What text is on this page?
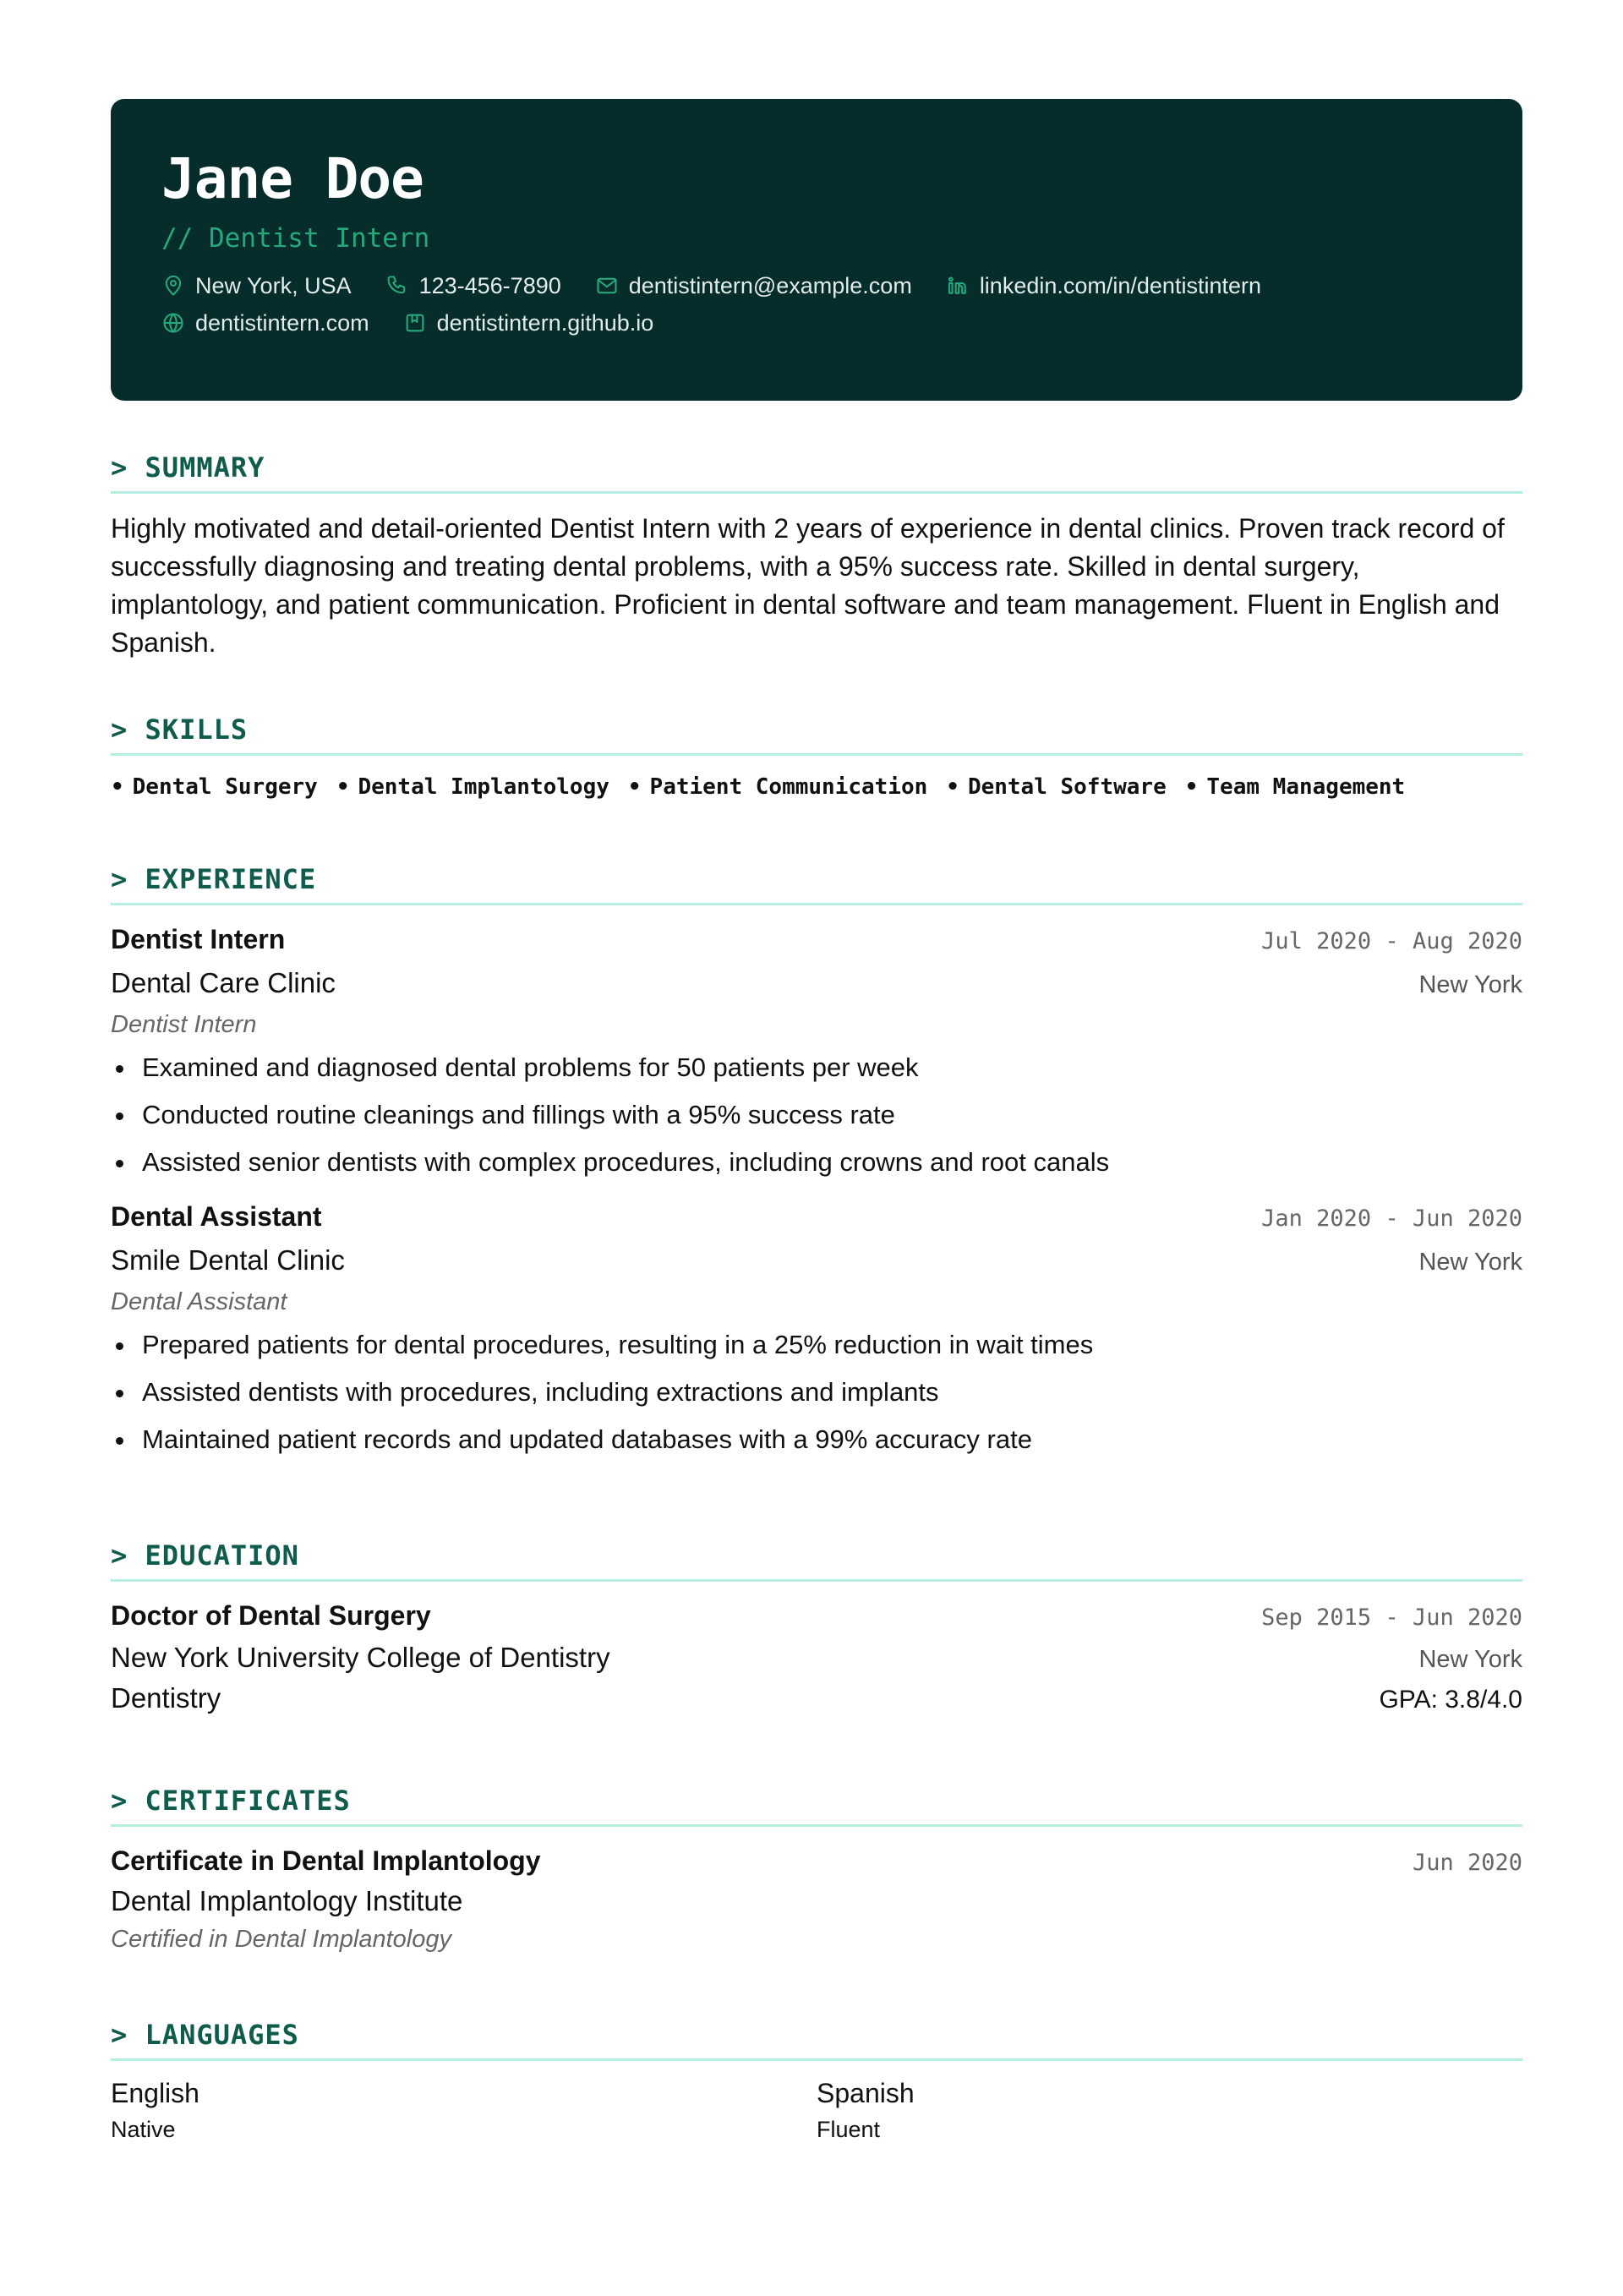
Jane Doe
// Dentist Intern
New York, USA	123-456-7890	dentistintern@example.com	linkedin.com/in/dentistintern
dentistintern.com	dentistintern.github.io
> SUMMARY
Highly motivated and detail-oriented Dentist Intern with 2 years of experience in dental clinics. Proven track record of successfully diagnosing and treating dental problems, with a 95% success rate. Skilled in dental surgery, implantology, and patient communication. Proficient in dental software and team management. Fluent in English and Spanish.
> SKILLS
• Dental Surgery	• Dental Implantology	• Patient Communication	• Dental Software	• Team Management
> EXPERIENCE
Dentist Intern	Jul 2020 - Aug 2020
Dental Care Clinic	New York
Dentist Intern
Examined and diagnosed dental problems for 50 patients per week
Conducted routine cleanings and fillings with a 95% success rate
Assisted senior dentists with complex procedures, including crowns and root canals
Dental Assistant	Jan 2020 - Jun 2020
Smile Dental Clinic	New York
Dental Assistant
Prepared patients for dental procedures, resulting in a 25% reduction in wait times
Assisted dentists with procedures, including extractions and implants
Maintained patient records and updated databases with a 99% accuracy rate
> EDUCATION
Doctor of Dental Surgery	Sep 2015 - Jun 2020
New York University College of Dentistry	New York
Dentistry	GPA: 3.8/4.0
> CERTIFICATES
Certificate in Dental Implantology	Jun 2020
Dental Implantology Institute
Certified in Dental Implantology
> LANGUAGES
English
Native
Spanish
Fluent
